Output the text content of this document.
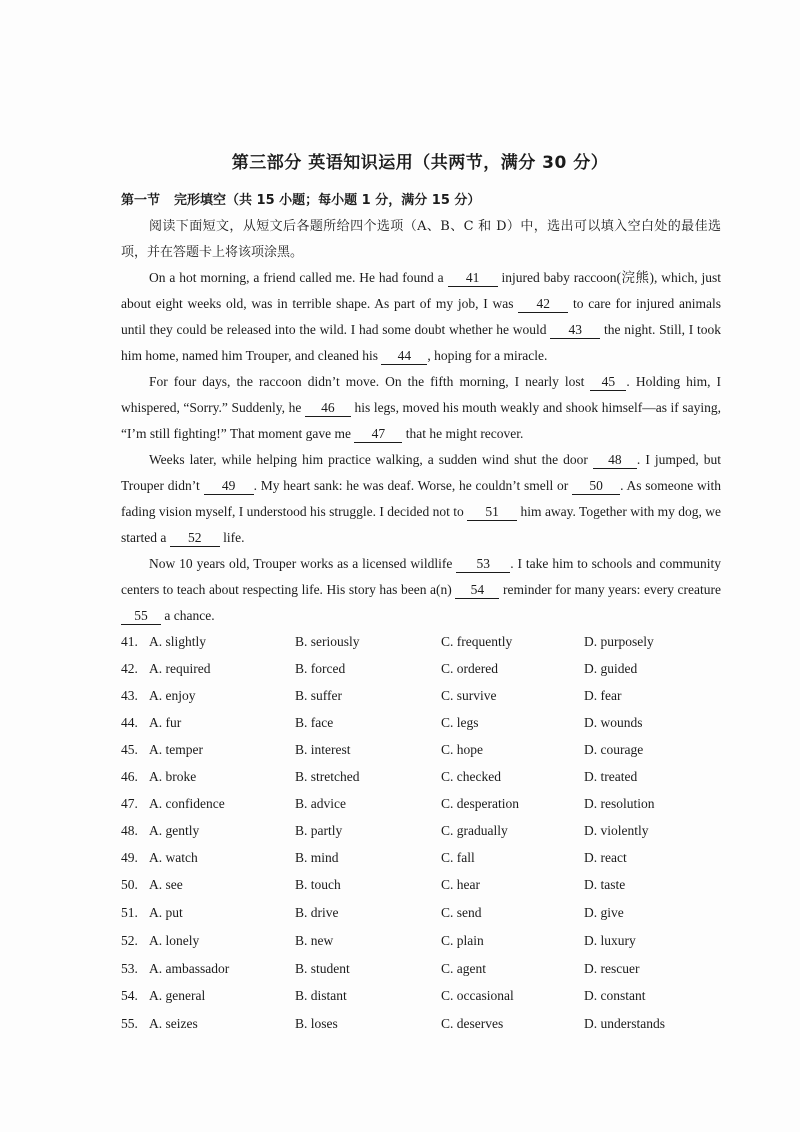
第三部分 英语知识运用（共两节，满分 30 分）
第一节 完形填空（共 15 小题；每小题 1 分，满分 15 分）
阅读下面短文，从短文后各题所给四个选项（A、B、C 和 D）中，选出可以填入空白处的最佳选项，并在答题卡上将该项涂黑。
On a hot morning, a friend called me. He had found a 41 injured baby raccoon(浣熊), which, just about eight weeks old, was in terrible shape. As part of my job, I was 42 to care for injured animals until they could be released into the wild. I had some doubt whether he would 43 the night. Still, I took him home, named him Trouper, and cleaned his 44 , hoping for a miracle.
For four days, the raccoon didn’t move. On the fifth morning, I nearly lost 45 . Holding him, I whispered, “Sorry.” Suddenly, he 46 his legs, moved his mouth weakly and shook himself—as if saying, “I’m still fighting!” That moment gave me 47 that he might recover.
Weeks later, while helping him practice walking, a sudden wind shut the door 48 . I jumped, but Trouper didn’t 49 . My heart sank: he was deaf. Worse, he couldn’t smell or 50 . As someone with fading vision myself, I understood his struggle. I decided not to 51 him away. Together with my dog, we started a 52 life.
Now 10 years old, Trouper works as a licensed wildlife 53 . I take him to schools and community centers to teach about respecting life. His story has been a(n) 54 reminder for many years: every creature 55 a chance.
41. A. slightly	B. seriously	C. frequently	D. purposely
42. A. required	B. forced	C. ordered	D. guided
43. A. enjoy	B. suffer	C. survive	D. fear
44. A. fur	B. face	C. legs	D. wounds
45. A. temper	B. interest	C. hope	D. courage
46. A. broke	B. stretched	C. checked	D. treated
47. A. confidence	B. advice	C. desperation	D. resolution
48. A. gently	B. partly	C. gradually	D. violently
49. A. watch	B. mind	C. fall	D. react
50. A. see	B. touch	C. hear	D. taste
51. A. put	B. drive	C. send	D. give
52. A. lonely	B. new	C. plain	D. luxury
53. A. ambassador	B. student	C. agent	D. rescuer
54. A. general	B. distant	C. occasional	D. constant
55. A. seizes	B. loses	C. deserves	D. understands
